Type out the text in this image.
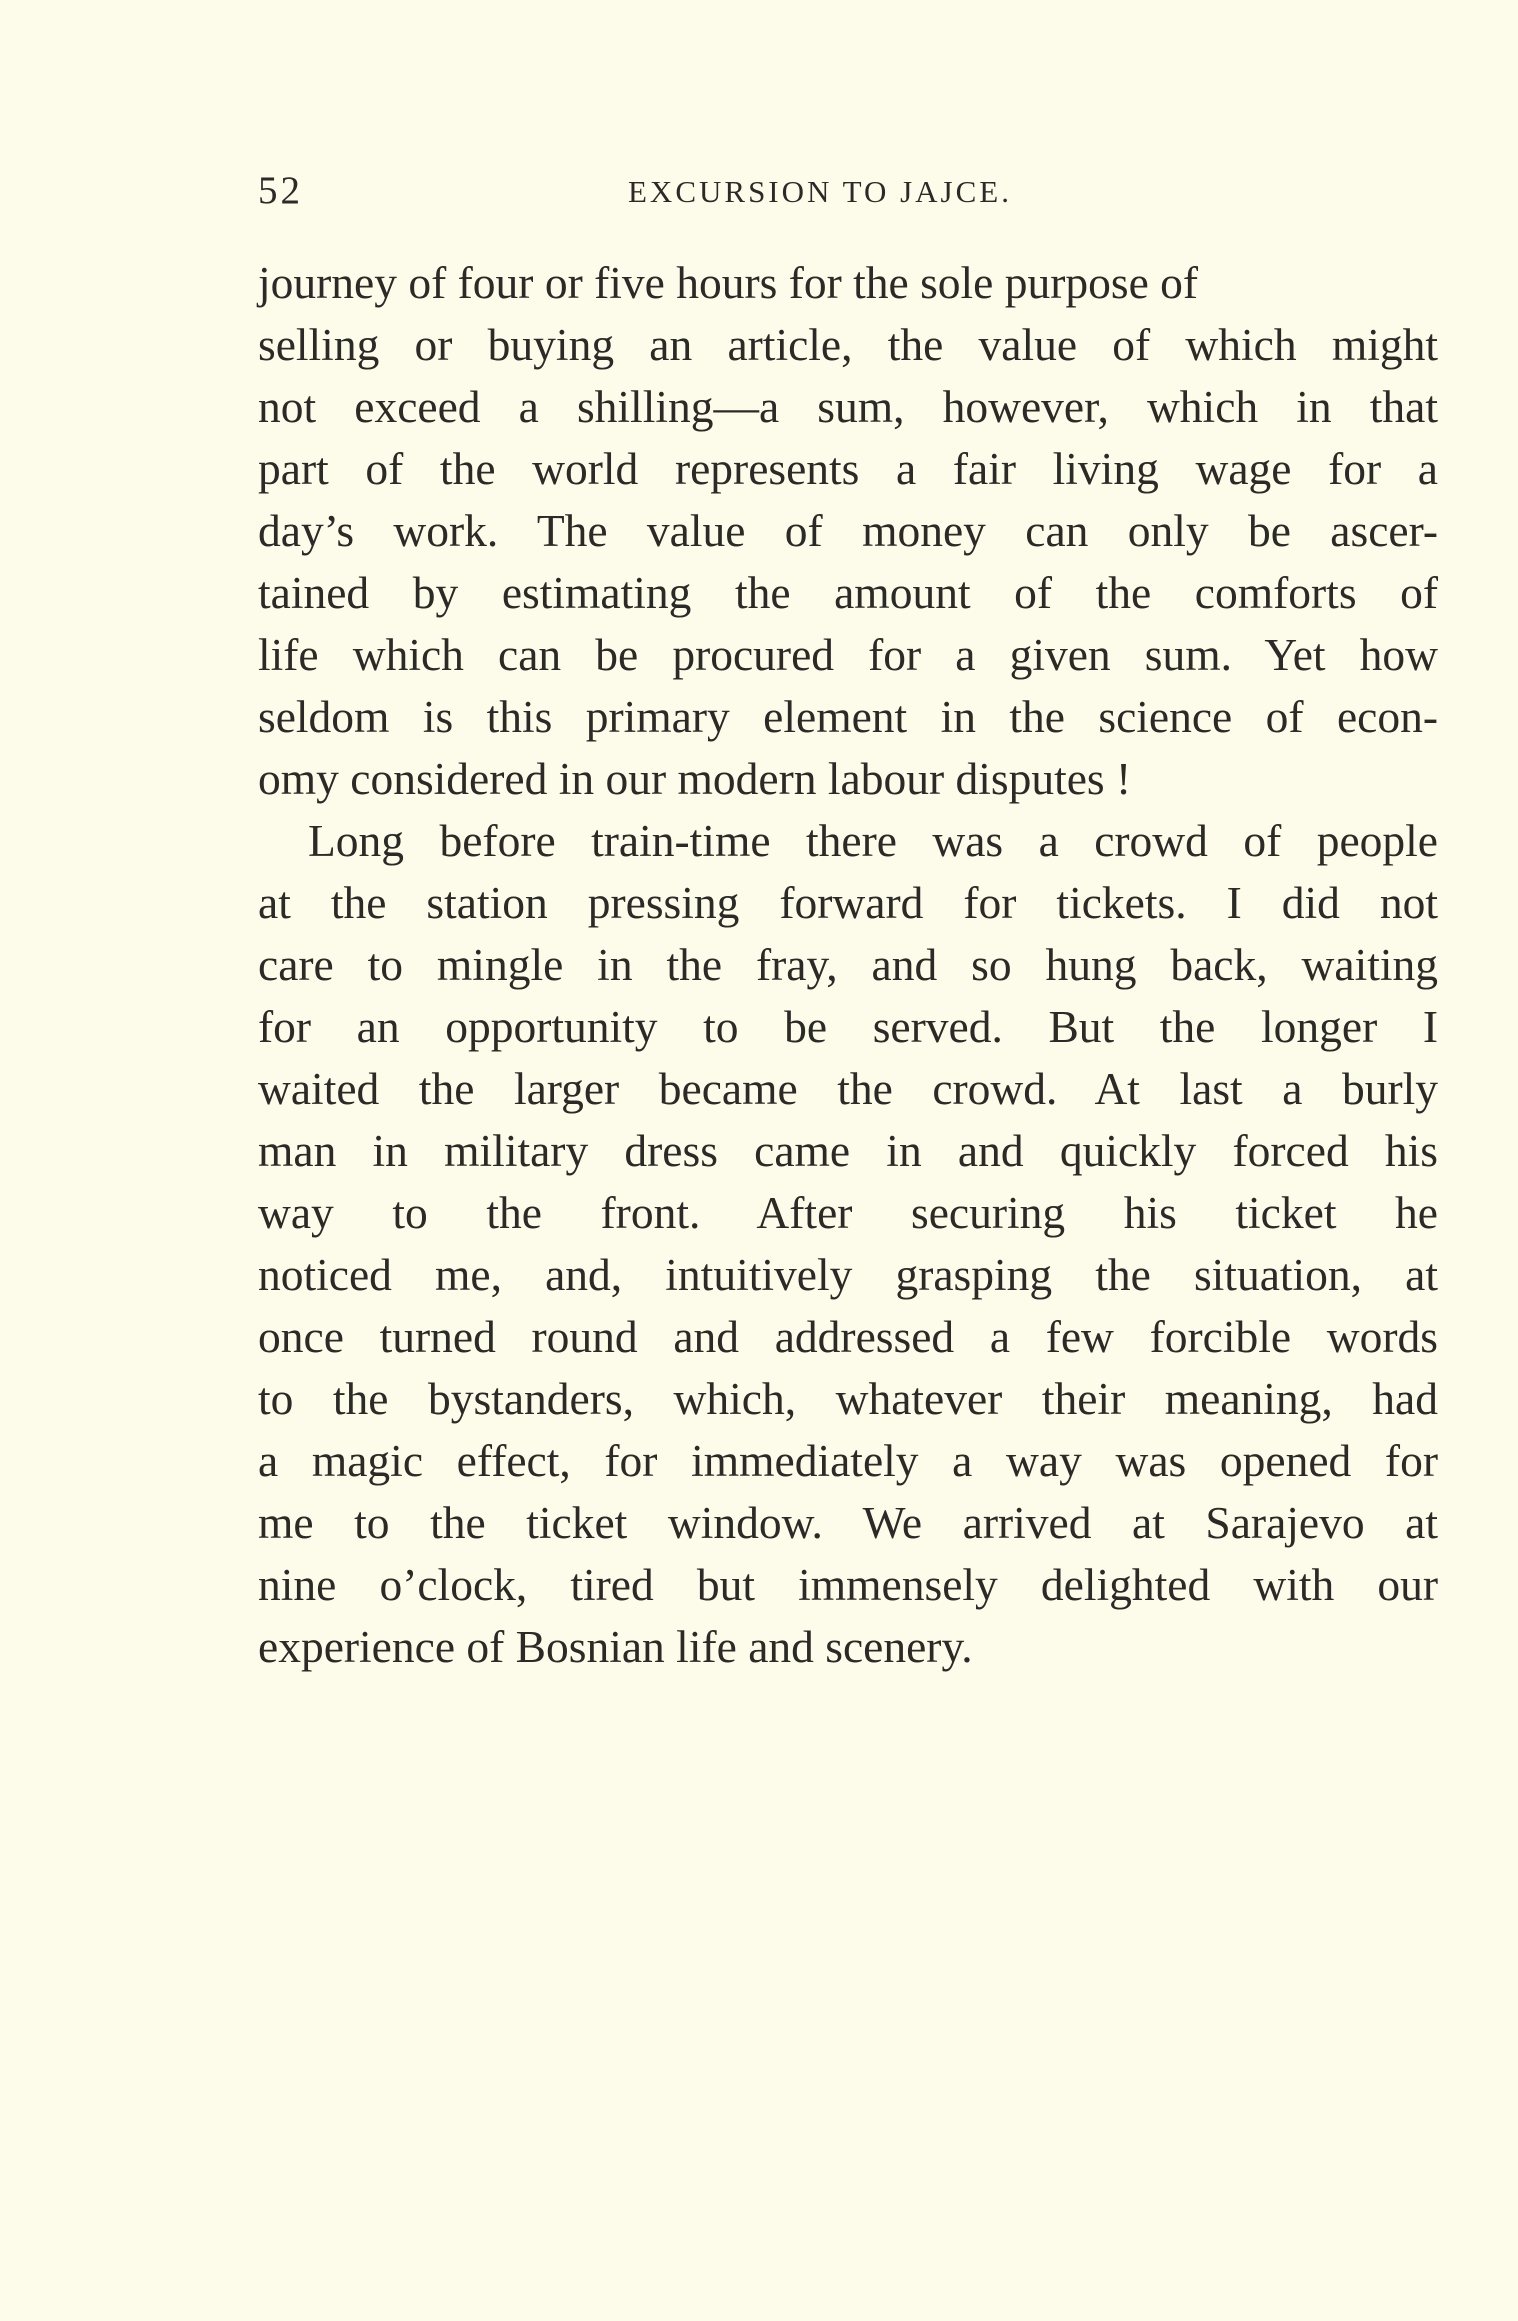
52	EXCURSION TO JAJCE.
journey of four or five hours for the sole purpose of
selling or buying an article, the value of which might
not exceed a shilling—a sum, however, which in that
part of the world represents a fair living wage for a
day’s work. The value of money can only be ascer-
tained by estimating the amount of the comforts of
life which can be procured for a given sum. Yet how
seldom is this primary element in the science of econ-
omy considered in our modern labour disputes !
Long before train-time there was a crowd of people
at the station pressing forward for tickets. I did not
care to mingle in the fray, and so hung back, waiting
for an opportunity to be served. But the longer I
waited the larger became the crowd. At last a burly
man in military dress came in and quickly forced his
way to the front. After securing his ticket he
noticed me, and, intuitively grasping the situation, at
once turned round and addressed a few forcible words
to the bystanders, which, whatever their meaning, had
a magic effect, for immediately a way was opened for
me to the ticket window. We arrived at Sarajevo at
nine o’clock, tired but immensely delighted with our
experience of Bosnian life and scenery.
